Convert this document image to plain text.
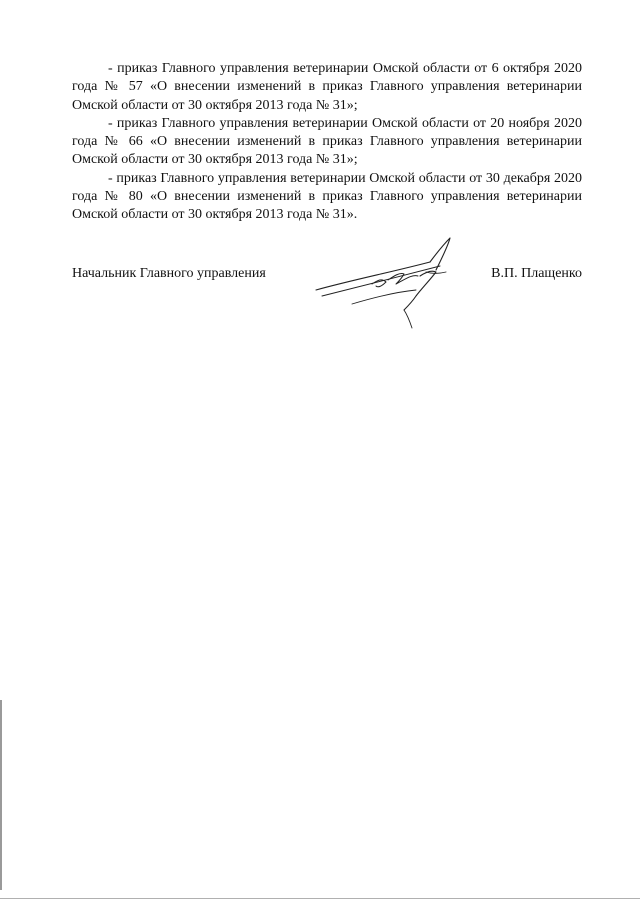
- приказ Главного управления ветеринарии Омской области от 6 октября 2020 года № 57 «О внесении изменений в приказ Главного управления ветеринарии Омской области от 30 октября 2013 года № 31»;

- приказ Главного управления ветеринарии Омской области от 20 ноября 2020 года № 66 «О внесении изменений в приказ Главного управления ветеринарии Омской области от 30 октября 2013 года № 31»;

- приказ Главного управления ветеринарии Омской области от 30 декабря 2020 года № 80 «О внесении изменений в приказ Главного управления ветеринарии Омской области от 30 октября 2013 года № 31».

Начальник Главного управления	В.П. Плащенко
